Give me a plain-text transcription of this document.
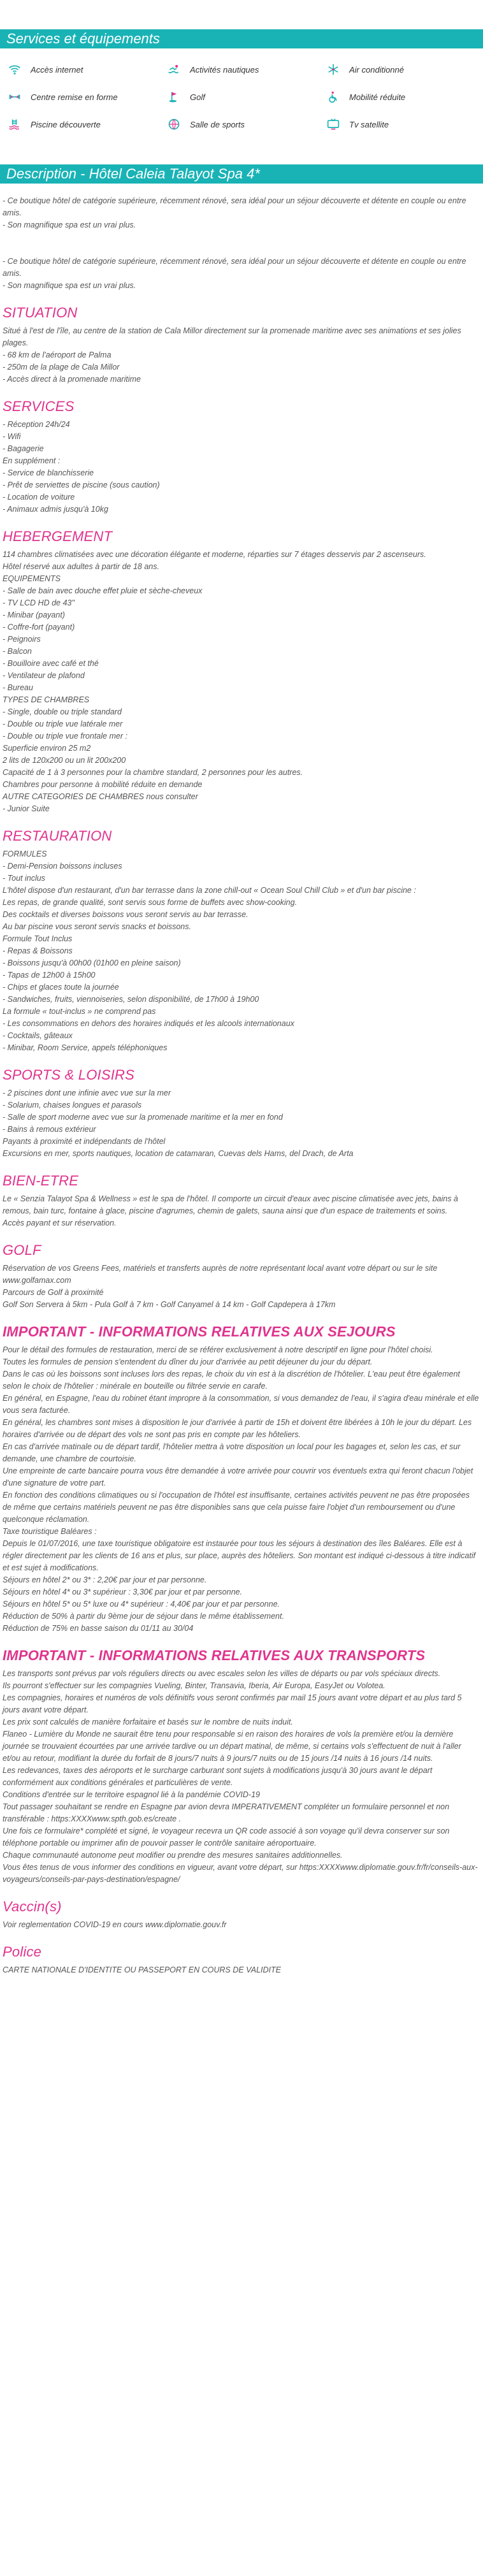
Services et équipements
Accès internet	Activités nautiques	Air conditionné
Centre remise en forme	Golf	Mobilité réduite
Piscine découverte	Salle de sports	Tv satellite
Description - Hôtel Caleia Talayot Spa 4*

- Ce boutique hôtel de catégorie supérieure, récemment rénové, sera idéal pour un séjour découverte et détente en couple ou entre amis.

- Son magnifique spa est un vrai plus.

- Ce boutique hôtel de catégorie supérieure, récemment rénové, sera idéal pour un séjour découverte et détente en couple ou entre amis.

- Son magnifique spa est un vrai plus.

SITUATION

Situé à l'est de l'île, au centre de la station de Cala Millor directement sur la promenade maritime avec ses animations et ses jolies plages.

- 68 km de l'aéroport de Palma

- 250m de la plage de Cala Millor

- Accès direct à la promenade maritime

SERVICES

- Réception 24h/24

- Wifi

- Bagagerie

En supplément :

- Service de blanchisserie

- Prêt de serviettes de piscine (sous caution)

- Location de voiture

- Animaux admis jusqu'à 10kg

HEBERGEMENT

114 chambres climatisées avec une décoration élégante et moderne, réparties sur 7 étages desservis par 2 ascenseurs.

Hôtel réservé aux adultes à partir de 18 ans.

EQUIPEMENTS

- Salle de bain avec douche effet pluie et sèche-cheveux

- TV LCD HD de 43"

- Minibar (payant)

- Coffre-fort (payant)

- Peignoirs

- Balcon

- Bouilloire avec café et thé

- Ventilateur de plafond

- Bureau

TYPES DE CHAMBRES

- Single, double ou triple standard

- Double ou triple vue latérale mer

- Double ou triple vue frontale mer :

Superficie environ 25 m2

2 lits de 120x200 ou un lit 200x200

Capacité de 1 à 3 personnes pour la chambre standard, 2 personnes pour les autres.

Chambres pour personne à mobilité réduite en demande

AUTRE CATEGORIES DE CHAMBRES nous consulter

- Junior Suite

RESTAURATION

FORMULES

- Demi-Pension boissons incluses

- Tout inclus

L'hôtel dispose d'un restaurant, d'un bar terrasse dans la zone chill-out « Ocean Soul Chill Club » et d'un bar piscine :

Les repas, de grande qualité, sont servis sous forme de buffets avec show-cooking.

Des cocktails et diverses boissons vous seront servis au bar terrasse.

Au bar piscine vous seront servis snacks et boissons.

Formule Tout Inclus

- Repas & Boissons

- Boissons jusqu'à 00h00 (01h00 en pleine saison)

- Tapas de 12h00 à 15h00

- Chips et glaces toute la journée

- Sandwiches, fruits, viennoiseries, selon disponibilité, de 17h00 à 19h00

La formule « tout-inclus » ne comprend pas

- Les consommations en dehors des horaires indiqués et les alcools internationaux

- Cocktails, gâteaux

- Minibar, Room Service, appels téléphoniques

SPORTS & LOISIRS

- 2 piscines dont une infinie avec vue sur la mer

- Solarium, chaises longues et parasols

- Salle de sport moderne avec vue sur la promenade maritime et la mer en fond

- Bains à remous extérieur

Payants à proximité et indépendants de l'hôtel

Excursions en mer, sports nautiques, location de catamaran, Cuevas dels Hams, del Drach, de Arta

BIEN-ETRE

Le « Senzia Talayot Spa & Wellness » est le spa de l'hôtel. Il comporte un circuit d'eaux avec piscine climatisée avec jets, bains à remous, bain turc, fontaine à glace, piscine d'agrumes, chemin de galets, sauna ainsi que d'un espace de traitements et soins.

Accès payant et sur réservation.

GOLF

Réservation de vos Greens Fees, matériels et transferts auprès de notre représentant local avant votre départ ou sur le site www.golfamax.com

Parcours de Golf à proximité

Golf Son Servera à 5km - Pula Golf à 7 km - Golf Canyamel à 14 km - Golf Capdepera à 17km

IMPORTANT - INFORMATIONS RELATIVES AUX SEJOURS

Pour le détail des formules de restauration, merci de se référer exclusivement à notre descriptif en ligne pour l'hôtel choisi.

Toutes les formules de pension s'entendent du dîner du jour d'arrivée au petit déjeuner du jour du départ.

Dans le cas où les boissons sont incluses lors des repas, le choix du vin est à la discrétion de l'hôtelier. L'eau peut être également selon le choix de l'hôtelier : minérale en bouteille ou filtrée servie en carafe.

En général, en Espagne, l'eau du robinet étant impropre à la consommation, si vous demandez de l'eau, il s'agira d'eau minérale et elle vous sera facturée.

En général, les chambres sont mises à disposition le jour d'arrivée à partir de 15h et doivent être libérées à 10h le jour du départ. Les horaires d'arrivée ou de départ des vols ne sont pas pris en compte par les hôteliers.

En cas d'arrivée matinale ou de départ tardif, l'hôtelier mettra à votre disposition un local pour les bagages et, selon les cas, et sur demande, une chambre de courtoisie.

Une empreinte de carte bancaire pourra vous être demandée à votre arrivée pour couvrir vos éventuels extra qui feront chacun l'objet d'une signature de votre part.

En fonction des conditions climatiques ou si l'occupation de l'hôtel est insuffisante, certaines activités peuvent ne pas être proposées de même que certains matériels peuvent ne pas être disponibles sans que cela puisse faire l'objet d'un remboursement ou d'une quelconque réclamation.

Taxe touristique Baléares :

Depuis le 01/07/2016, une taxe touristique obligatoire est instaurée pour tous les séjours à destination des îles Baléares. Elle est à régler directement par les clients de 16 ans et plus, sur place, auprès des hôteliers. Son montant est indiqué ci-dessous à titre indicatif et est sujet à modifications.

Séjours en hôtel 2* ou 3* : 2,20€ par jour et par personne.

Séjours en hôtel 4* ou 3* supérieur : 3,30€ par jour et par personne.

Séjours en hôtel 5* ou 5* luxe ou 4* supérieur : 4,40€ par jour et par personne.

Réduction de 50% à partir du 9ème jour de séjour dans le même établissement.

Réduction de 75% en basse saison du 01/11 au 30/04

IMPORTANT - INFORMATIONS RELATIVES AUX TRANSPORTS

Les transports sont prévus par vols réguliers directs ou avec escales selon les villes de départs ou par vols spéciaux directs.

Ils pourront s'effectuer sur les compagnies Vueling, Binter, Transavia, Iberia, Air Europa, EasyJet ou Volotea.

Les compagnies, horaires et numéros de vols définitifs vous seront confirmés par mail 15 jours avant votre départ et au plus tard 5 jours avant votre départ.

Les prix sont calculés de manière forfaitaire et basés sur le nombre de nuits induit.

Flaneo - Lumière du Monde ne saurait être tenu pour responsable si en raison des horaires de vols la première et/ou la dernière journée se trouvaient écourtées par une arrivée tardive ou un départ matinal, de même, si certains vols s'effectuent de nuit à l'aller et/ou au retour, modifiant la durée du forfait de 8 jours/7 nuits à 9 jours/7 nuits ou de 15 jours /14 nuits à 16 jours /14 nuits.

Les redevances, taxes des aéroports et le surcharge carburant sont sujets à modifications jusqu'à 30 jours avant le départ conformément aux conditions générales et particulières de vente.

Conditions d'entrée sur le territoire espagnol lié à la pandémie COVID-19

Tout passager souhaitant se rendre en Espagne par avion devra IMPERATIVEMENT compléter un formulaire personnel et non transférable : https:XXXXwww.spth.gob.es/create .

Une fois ce formulaire* complété et signé, le voyageur recevra un QR code associé à son voyage qu'il devra conserver sur son téléphone portable ou imprimer afin de pouvoir passer le contrôle sanitaire aéroportuaire.

Chaque communauté autonome peut modifier ou prendre des mesures sanitaires additionnelles.

Vous êtes tenus de vous informer des conditions en vigueur, avant votre départ, sur https:XXXXwww.diplomatie.gouv.fr/fr/conseils-aux-voyageurs/conseils-par-pays-destination/espagne/

Vaccin(s)

Voir reglementation COVID-19 en cours www.diplomatie.gouv.fr

Police

CARTE NATIONALE D'IDENTITE OU PASSEPORT EN COURS DE VALIDITE
